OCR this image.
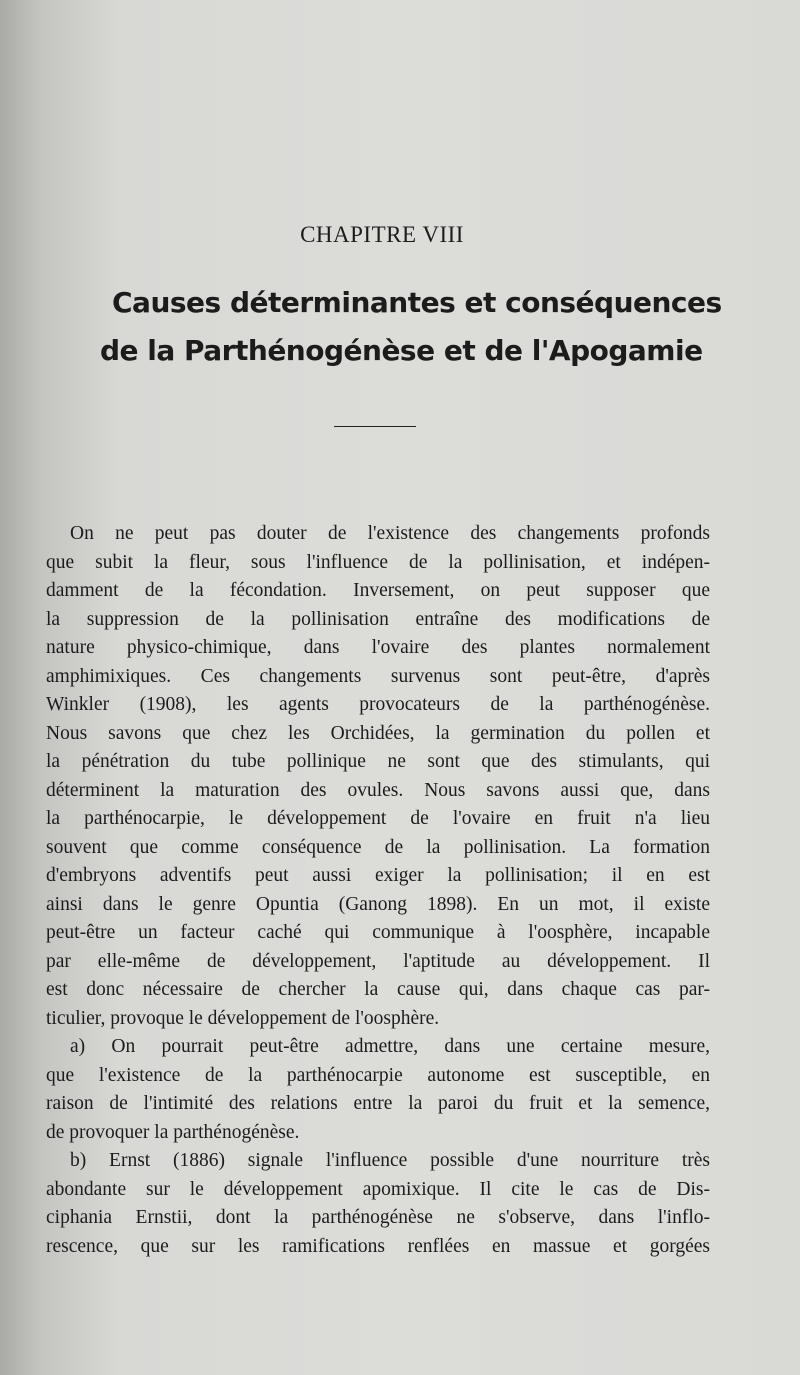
CHAPITRE VIII
Causes déterminantes et conséquences
de la Parthénogénèse et de l'Apogamie
On ne peut pas douter de l'existence des changements profonds
que subit la fleur, sous l'influence de la pollinisation, et indépen-
damment de la fécondation. Inversement, on peut supposer que
la suppression de la pollinisation entraîne des modifications de
nature physico-chimique, dans l'ovaire des plantes normalement
amphimixiques. Ces changements survenus sont peut-être, d'après
Winkler (1908), les agents provocateurs de la parthénogénèse.
Nous savons que chez les Orchidées, la germination du pollen et
la pénétration du tube pollinique ne sont que des stimulants, qui
déterminent la maturation des ovules. Nous savons aussi que, dans
la parthénocarpie, le développement de l'ovaire en fruit n'a lieu
souvent que comme conséquence de la pollinisation. La formation
d'embryons adventifs peut aussi exiger la pollinisation; il en est
ainsi dans le genre Opuntia (Ganong 1898). En un mot, il existe
peut-être un facteur caché qui communique à l'oosphère, incapable
par elle-même de développement, l'aptitude au développement. Il
est donc nécessaire de chercher la cause qui, dans chaque cas par-
ticulier, provoque le développement de l'oosphère.
a) On pourrait peut-être admettre, dans une certaine mesure,
que l'existence de la parthénocarpie autonome est susceptible, en
raison de l'intimité des relations entre la paroi du fruit et la semence,
de provoquer la parthénogénèse.
b) Ernst (1886) signale l'influence possible d'une nourriture très
abondante sur le développement apomixique. Il cite le cas de Dis-
ciphania Ernstii, dont la parthénogénèse ne s'observe, dans l'inflo-
rescence, que sur les ramifications renflées en massue et gorgées
